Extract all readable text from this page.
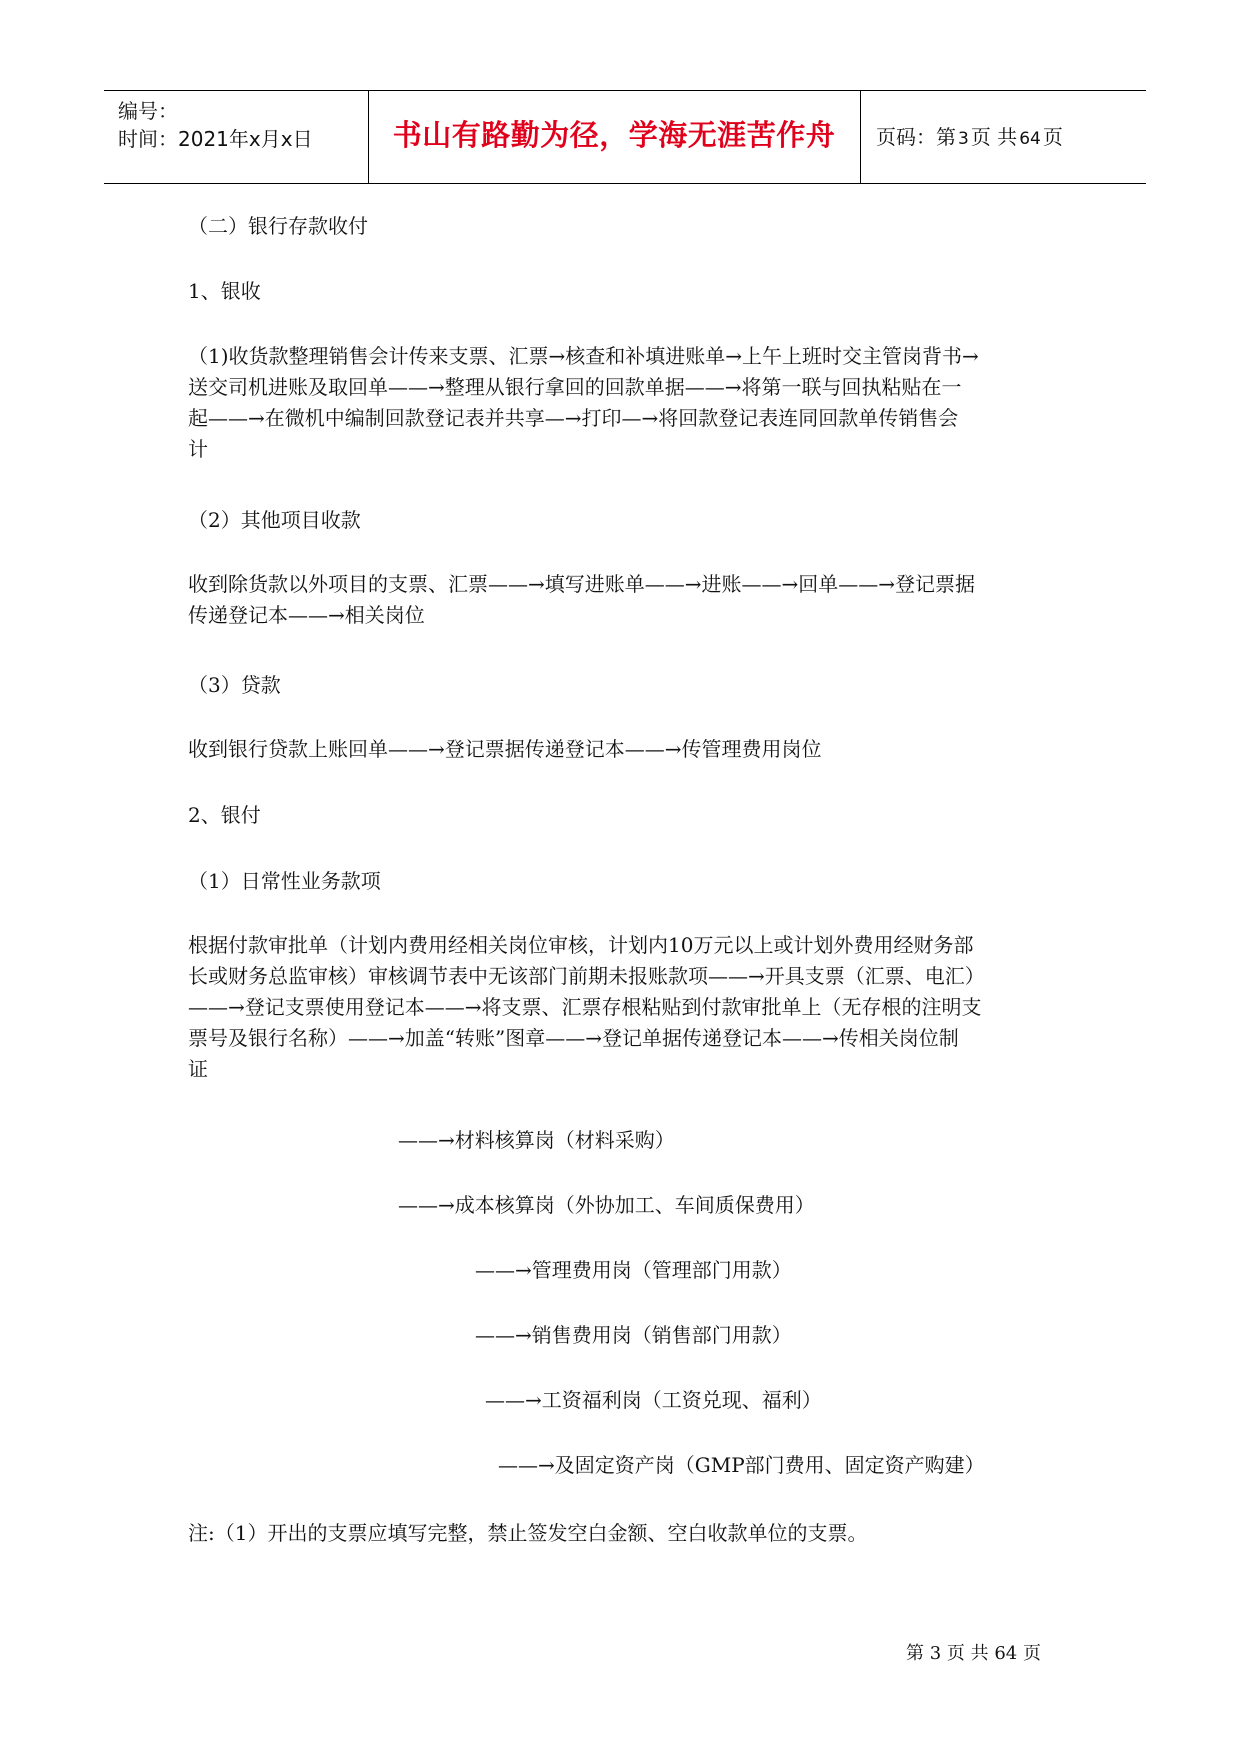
编号：
时间：2021年x月x日	书山有路勤为径，学海无涯苦作舟	页码：第 3 页 共 64 页
（二）银行存款收付
1、银收
（1)收货款整理销售会计传来支票、汇票→核查和补填进账单→上午上班时交主管岗背书→
送交司机进账及取回单——→整理从银行拿回的回款单据——→将第一联与回执粘贴在一
起——→在微机中编制回款登记表并共享—→打印—→将回款登记表连同回款单传销售会
计
（2）其他项目收款
收到除货款以外项目的支票、汇票——→填写进账单——→进账——→回单——→登记票据
传递登记本——→相关岗位
（3）贷款
收到银行贷款上账回单——→登记票据传递登记本——→传管理费用岗位
2、银付
（1）日常性业务款项
根据付款审批单（计划内费用经相关岗位审核，计划内10万元以上或计划外费用经财务部
长或财务总监审核）审核调节表中无该部门前期未报账款项——→开具支票（汇票、电汇）
——→登记支票使用登记本——→将支票、汇票存根粘贴到付款审批单上（无存根的注明支
票号及银行名称）——→加盖“转账”图章——→登记单据传递登记本——→传相关岗位制
证
——→材料核算岗（材料采购）
——→成本核算岗（外协加工、车间质保费用）
——→管理费用岗（管理部门用款）
——→销售费用岗（销售部门用款）
——→工资福利岗（工资兑现、福利）
——→及固定资产岗（GMP部门费用、固定资产购建）
注:（1）开出的支票应填写完整，禁止签发空白金额、空白收款单位的支票。
第 3 页 共 64 页
